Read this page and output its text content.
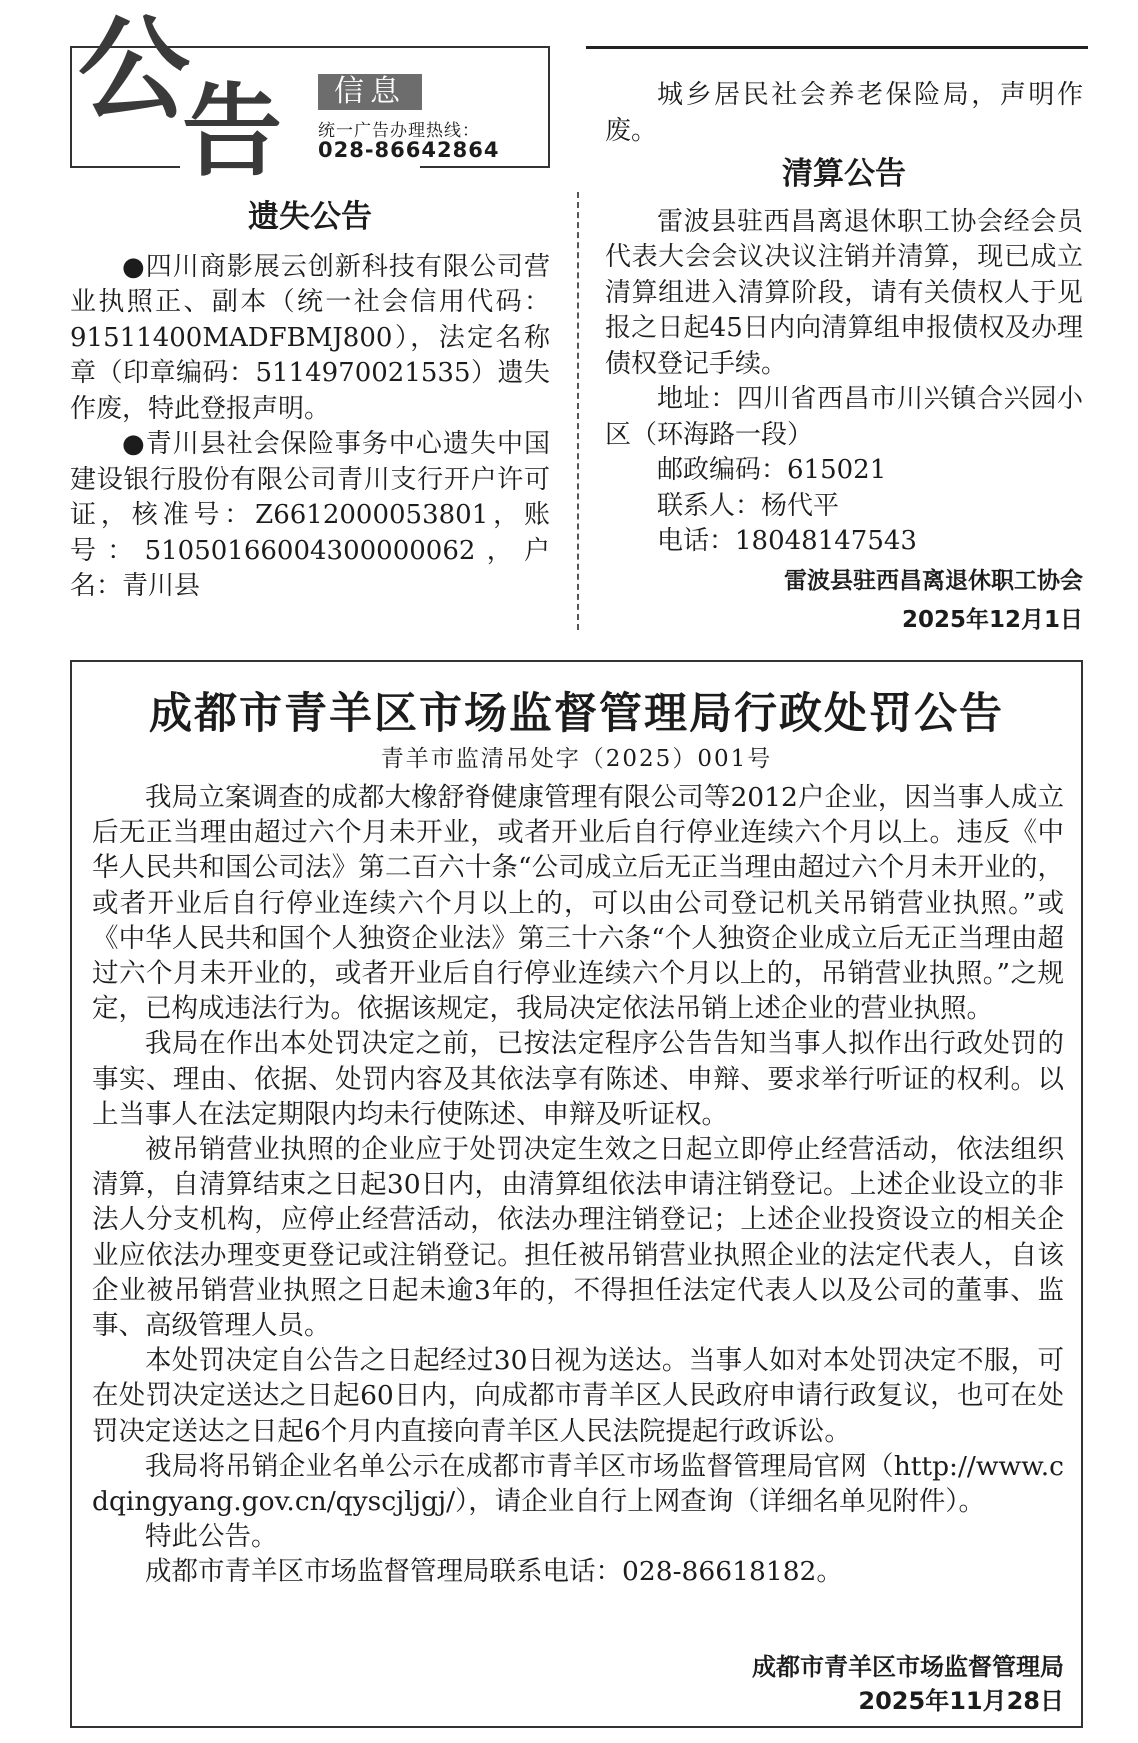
公
告	信息
统一广告办理热线：
028-86642864
遗失公告

●四川商影展云创新科技有限公司营业执照正、副本（统一社会信用代码：91511400MADFBMJ800），法定名称章（印章编码：5114970021535）遗失作废，特此登报声明。

●青川县社会保险事务中心遗失中国建设银行股份有限公司青川支行开户许可证，核准号：Z6612000053801，账号：51050166004300000062，户名：青川县

城乡居民社会养老保险局，声明作废。

清算公告

雷波县驻西昌离退休职工协会经会员代表大会会议决议注销并清算，现已成立清算组进入清算阶段，请有关债权人于见报之日起45日内向清算组申报债权及办理债权登记手续。

地址：四川省西昌市川兴镇合兴园小区（环海路一段）

邮政编码：615021

联系人：杨代平

电话：18048147543

雷波县驻西昌离退休职工协会
2025年12月1日
成都市青羊区市场监督管理局行政处罚公告
青羊市监清吊处字（2025）001号

我局立案调查的成都大橡舒脊健康管理有限公司等2012户企业，因当事人成立后无正当理由超过六个月未开业，或者开业后自行停业连续六个月以上。违反《中华人民共和国公司法》第二百六十条“公司成立后无正当理由超过六个月未开业的，或者开业后自行停业连续六个月以上的，可以由公司登记机关吊销营业执照。”或《中华人民共和国个人独资企业法》第三十六条“个人独资企业成立后无正当理由超过六个月未开业的，或者开业后自行停业连续六个月以上的，吊销营业执照。”之规定，已构成违法行为。依据该规定，我局决定依法吊销上述企业的营业执照。

我局在作出本处罚决定之前，已按法定程序公告告知当事人拟作出行政处罚的事实、理由、依据、处罚内容及其依法享有陈述、申辩、要求举行听证的权利。以上当事人在法定期限内均未行使陈述、申辩及听证权。

被吊销营业执照的企业应于处罚决定生效之日起立即停止经营活动，依法组织清算，自清算结束之日起30日内，由清算组依法申请注销登记。上述企业设立的非法人分支机构，应停止经营活动，依法办理注销登记；上述企业投资设立的相关企业应依法办理变更登记或注销登记。担任被吊销营业执照企业的法定代表人，自该企业被吊销营业执照之日起未逾3年的，不得担任法定代表人以及公司的董事、监事、高级管理人员。

本处罚决定自公告之日起经过30日视为送达。当事人如对本处罚决定不服，可在处罚决定送达之日起60日内，向成都市青羊区人民政府申请行政复议，也可在处罚决定送达之日起6个月内直接向青羊区人民法院提起行政诉讼。

我局将吊销企业名单公示在成都市青羊区市场监督管理局官网（http://www.cdqingyang.gov.cn/qyscjljgj/），请企业自行上网查询（详细名单见附件）。

特此公告。

成都市青羊区市场监督管理局联系电话：028-86618182。

成都市青羊区市场监督管理局
2025年11月28日
